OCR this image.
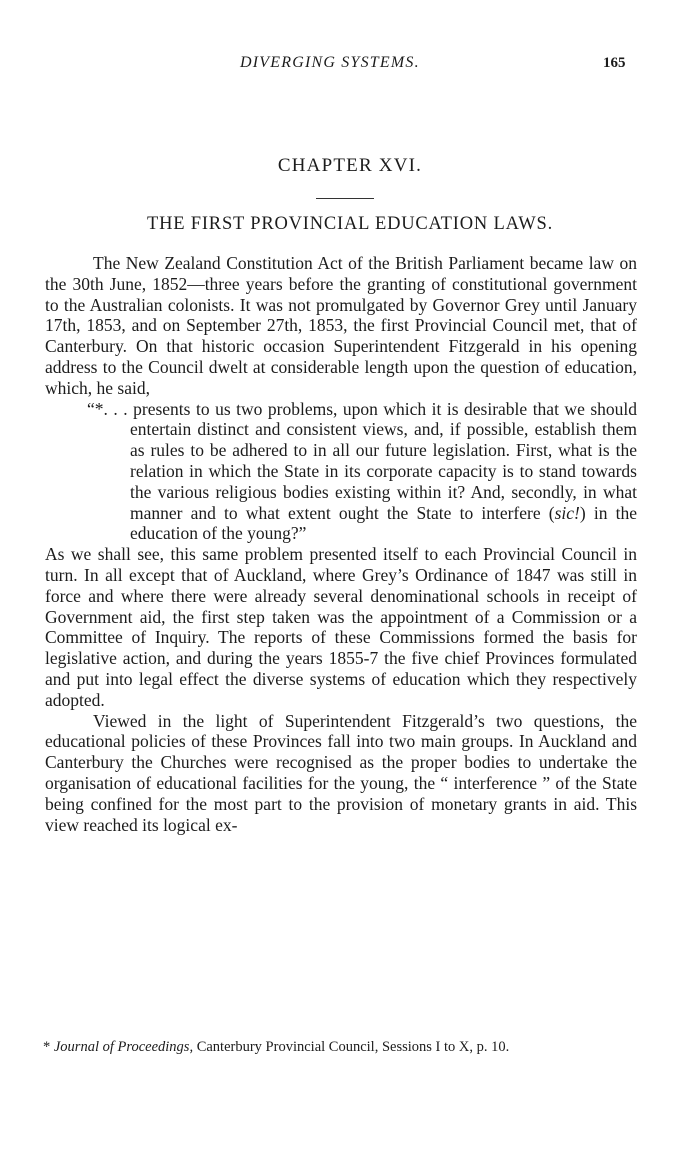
DIVERGING SYSTEMS.	165
CHAPTER XVI.
THE FIRST PROVINCIAL EDUCATION LAWS.

The New Zealand Constitution Act of the British Parliament became law on the 30th June, 1852—three years before the granting of constitutional government to the Australian colonists. It was not promulgated by Governor Grey until January 17th, 1853, and on September 27th, 1853, the first Provincial Council met, that of Canterbury. On that historic occasion Superintendent Fitzgerald in his opening address to the Council dwelt at considerable length upon the question of education, which, he said,

“*. . . presents to us two problems, upon which it is desirable that we should entertain distinct and consistent views, and, if possible, establish them as rules to be adhered to in all our future legislation. First, what is the relation in which the State in its corporate capacity is to stand towards the various religious bodies existing within it? And, secondly, in what manner and to what extent ought the State to interfere (sic!) in the education of the young?”

As we shall see, this same problem presented itself to each Provincial Council in turn. In all except that of Auckland, where Grey’s Ordinance of 1847 was still in force and where there were already several denominational schools in receipt of Government aid, the first step taken was the appointment of a Commission or a Committee of Inquiry. The reports of these Commissions formed the basis for legislative action, and during the years 1855-7 the five chief Provinces formulated and put into legal effect the diverse systems of education which they respectively adopted.

Viewed in the light of Superintendent Fitzgerald’s two questions, the educational policies of these Provinces fall into two main groups. In Auckland and Canterbury the Churches were recognised as the proper bodies to undertake the organisation of educational facilities for the young, the “ interference ” of the State being confined for the most part to the provision of monetary grants in aid. This view reached its logical ex-

* Journal of Proceedings, Canterbury Provincial Council, Sessions I to X, p. 10.
